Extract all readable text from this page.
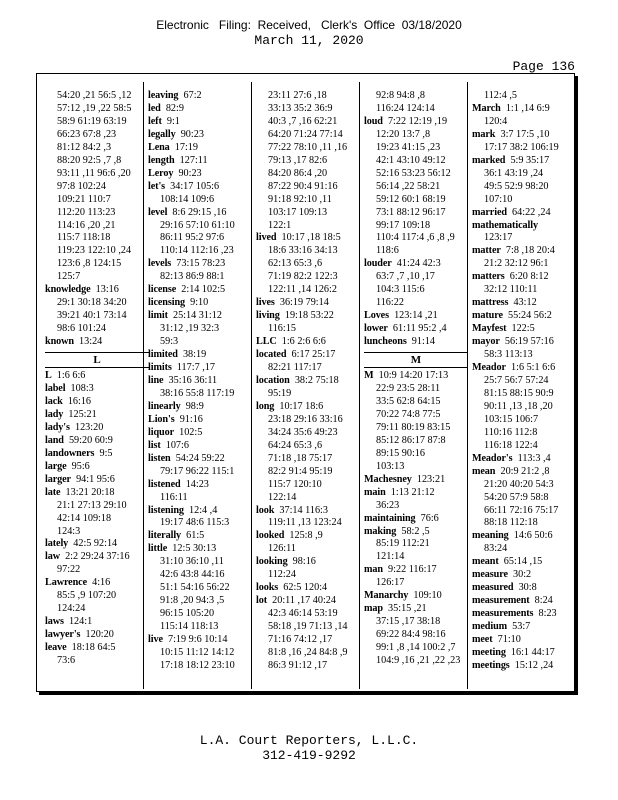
Electronic   Filing:  Received,   Clerk's  Office  03/18/2020
March 11, 2020
Page 136
54:20 ,21 56:5 ,12
57:12 ,19 ,22 58:5
58:9 61:19 63:19
66:23 67:8 ,23
81:12 84:2 ,3
88:20 92:5 ,7 ,8
93:11 ,11 96:6 ,20
97:8 102:24
109:21 110:7
112:20 113:23
114:16 ,20 ,21
115:7 118:18
119:23 122:10 ,24
123:6 ,8 124:15
125:7
knowledge 13:16
29:1 30:18 34:20
39:21 40:1 73:14
98:6 101:24
known 13:24
L
L 1:6 6:6
label 108:3
lack 16:16
lady 125:21
lady's 123:20
land 59:20 60:9
landowners 9:5
large 95:6
larger 94:1 95:6
late 13:21 20:18
21:1 27:13 29:10
42:14 109:18
124:3
lately 42:5 92:14
law 2:2 29:24 37:16
97:22
Lawrence 4:16
85:5 ,9 107:20
124:24
laws 124:1
lawyer's 120:20
leave 18:18 64:5
73:6
leaving 67:2
led 82:9
left 9:1
legally 90:23
Lena 17:19
length 127:11
Leroy 90:23
let's 34:17 105:6
108:14 109:6
level 8:6 29:15 ,16
29:16 57:10 61:10
86:11 95:2 97:6
110:14 112:16 ,23
levels 73:15 78:23
82:13 86:9 88:1
license 2:14 102:5
licensing 9:10
limit 25:14 31:12
31:12 ,19 32:3
59:3
limited 38:19
limits 117:7 ,17
line 35:16 36:11
38:16 55:8 117:19
linearly 98:9
Lion's 91:16
liquor 102:5
list 107:6
listen 54:24 59:22
79:17 96:22 115:1
listened 14:23
116:11
listening 12:4 ,4
19:17 48:6 115:3
literally 61:5
little 12:5 30:13
31:10 36:10 ,11
42:6 43:8 44:16
51:1 54:16 56:22
91:8 ,20 94:3 ,5
96:15 105:20
115:14 118:13
live 7:19 9:6 10:14
10:15 11:12 14:12
17:18 18:12 23:10
23:11 27:6 ,18
33:13 35:2 36:9
40:3 ,7 ,16 62:21
64:20 71:24 77:14
77:22 78:10 ,11 ,16
79:13 ,17 82:6
84:20 86:4 ,20
87:22 90:4 91:16
91:18 92:10 ,11
103:17 109:13
122:1
lived 10:17 ,18 18:5
18:6 33:16 34:13
62:13 65:3 ,6
71:19 82:2 122:3
122:11 ,14 126:2
lives 36:19 79:14
living 19:18 53:22
116:15
LLC 1:6 2:6 6:6
located 6:17 25:17
82:21 117:17
location 38:2 75:18
95:19
long 10:17 18:6
23:18 29:16 33:16
34:24 35:6 49:23
64:24 65:3 ,6
71:18 ,18 75:17
82:2 91:4 95:19
115:7 120:10
122:14
look 37:14 116:3
119:11 ,13 123:24
looked 125:8 ,9
126:11
looking 98:16
112:24
looks 62:5 120:4
lot 20:11 ,17 40:24
42:3 46:14 53:19
58:18 ,19 71:13 ,14
71:16 74:12 ,17
81:8 ,16 ,24 84:8 ,9
86:3 91:12 ,17
92:8 94:8 ,8
116:24 124:14
loud 7:22 12:19 ,19
12:20 13:7 ,8
19:23 41:15 ,23
42:1 43:10 49:12
52:16 53:23 56:12
56:14 ,22 58:21
59:12 60:1 68:19
73:1 88:12 96:17
99:17 109:18
110:4 117:4 ,6 ,8 ,9
118:6
louder 41:24 42:3
63:7 ,7 ,10 ,17
104:3 115:6
116:22
Loves 123:14 ,21
lower 61:11 95:2 ,4
luncheons 91:14
M
M 10:9 14:20 17:13
22:9 23:5 28:11
33:5 62:8 64:15
70:22 74:8 77:5
79:11 80:19 83:15
85:12 86:17 87:8
89:15 90:16
103:13
Machesney 123:21
main 1:13 21:12
36:23
maintaining 76:6
making 58:2 ,5
85:19 112:21
121:14
man 9:22 116:17
126:17
Manarchy 109:10
map 35:15 ,21
37:15 ,17 38:18
69:22 84:4 98:16
99:1 ,8 ,14 100:2 ,7
104:9 ,16 ,21 ,22 ,23
112:4 ,5
March 1:1 ,14 6:9
120:4
mark 3:7 17:5 ,10
17:17 38:2 106:19
marked 5:9 35:17
36:1 43:19 ,24
49:5 52:9 98:20
107:10
married 64:22 ,24
mathematically
123:17
matter 7:8 ,18 20:4
21:2 32:12 96:1
matters 6:20 8:12
32:12 110:11
mattress 43:12
mature 55:24 56:2
Mayfest 122:5
mayor 56:19 57:16
58:3 113:13
Meador 1:6 5:1 6:6
25:7 56:7 57:24
81:15 88:15 90:9
90:11 ,13 ,18 ,20
103:15 106:7
110:16 112:8
116:18 122:4
Meador's 113:3 ,4
mean 20:9 21:2 ,8
21:20 40:20 54:3
54:20 57:9 58:8
66:11 72:16 75:17
88:18 112:18
meaning 14:6 50:6
83:24
meant 65:14 ,15
measure 30:2
measured 30:8
measurement 8:24
measurements 8:23
medium 53:7
meet 71:10
meeting 16:1 44:17
meetings 15:12 ,24
L.A. Court Reporters, L.L.C.
312-419-9292
